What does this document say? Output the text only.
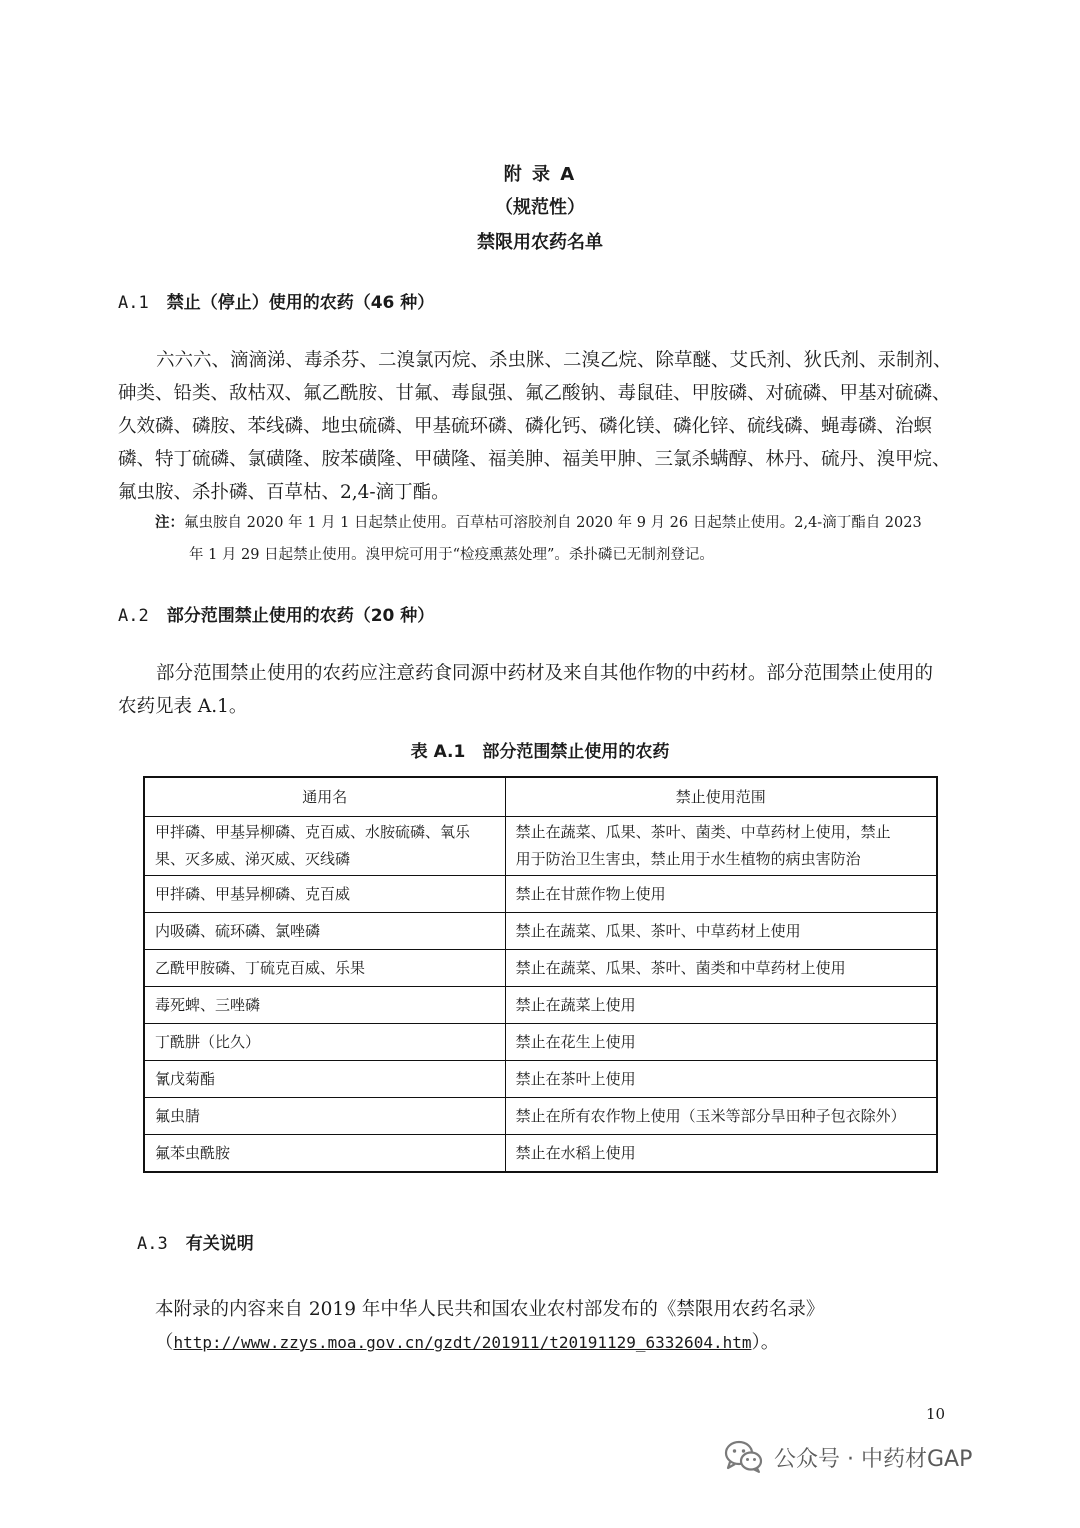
附 录 A
（规范性）
禁限用农药名单
A.1 禁止（停止）使用的农药（46 种）
六六六、滴滴涕、毒杀芬、二溴氯丙烷、杀虫脒、二溴乙烷、除草醚、艾氏剂、狄氏剂、汞制剂、
砷类、铅类、敌枯双、氟乙酰胺、甘氟、毒鼠强、氟乙酸钠、毒鼠硅、甲胺磷、对硫磷、甲基对硫磷、
久效磷、磷胺、苯线磷、地虫硫磷、甲基硫环磷、磷化钙、磷化镁、磷化锌、硫线磷、蝇毒磷、治螟
磷、特丁硫磷、氯磺隆、胺苯磺隆、甲磺隆、福美胂、福美甲胂、三氯杀螨醇、林丹、硫丹、溴甲烷、
氟虫胺、杀扑磷、百草枯、2,4-滴丁酯。
注：氟虫胺自 2020 年 1 月 1 日起禁止使用。百草枯可溶胶剂自 2020 年 9 月 26 日起禁止使用。2,4-滴丁酯自 2023
年 1 月 29 日起禁止使用。溴甲烷可用于“检疫熏蒸处理”。杀扑磷已无制剂登记。
A.2 部分范围禁止使用的农药（20 种）
部分范围禁止使用的农药应注意药食同源中药材及来自其他作物的中药材。部分范围禁止使用的
农药见表 A.1。
表 A.1　部分范围禁止使用的农药
通用名	禁止使用范围
甲拌磷、甲基异柳磷、克百威、水胺硫磷、氧乐
果、灭多威、涕灭威、灭线磷	禁止在蔬菜、瓜果、茶叶、菌类、中草药材上使用，禁止
用于防治卫生害虫，禁止用于水生植物的病虫害防治
甲拌磷、甲基异柳磷、克百威	禁止在甘蔗作物上使用
内吸磷、硫环磷、氯唑磷	禁止在蔬菜、瓜果、茶叶、中草药材上使用
乙酰甲胺磷、丁硫克百威、乐果	禁止在蔬菜、瓜果、茶叶、菌类和中草药材上使用
毒死蜱、三唑磷	禁止在蔬菜上使用
丁酰肼（比久）	禁止在花生上使用
氰戊菊酯	禁止在茶叶上使用
氟虫腈	禁止在所有农作物上使用（玉米等部分旱田种子包衣除外）
氟苯虫酰胺	禁止在水稻上使用
A.3 有关说明
本附录的内容来自 2019 年中华人民共和国农业农村部发布的《禁限用农药名录》
（http://www.zzys.moa.gov.cn/gzdt/201911/t20191129_6332604.htm）。
10
公众号 · 中药材GAP
